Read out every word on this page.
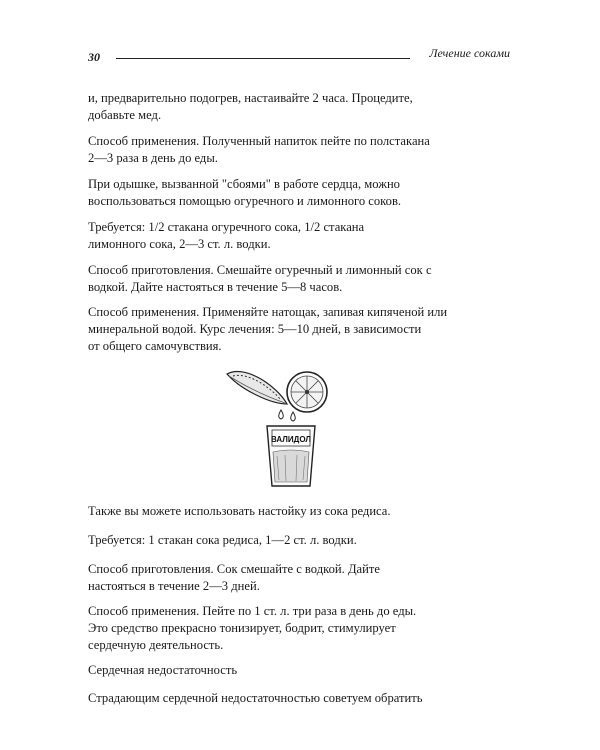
30	Лечение соками

и, предварительно подогрев, настаивайте 2 часа. Процедите,
добавьте мед.

Способ применения. Полученный напиток пейте по полстакана
2—3 раза в день до еды.

При одышке, вызванной "сбоями" в работе сердца, можно
воспользоваться помощью огуречного и лимонного соков.

Требуется: 1/2 стакана огуречного сока, 1/2 стакана
лимонного сока, 2—3 ст. л. водки.

Способ приготовления. Смешайте огуречный и лимонный сок с
водкой. Дайте настояться в течение 5—8 часов.

Способ применения. Применяйте натощак, запивая кипяченой или
минеральной водой. Курс лечения: 5—10 дней, в зависимости
от общего самочувствия.

ВАЛИДОЛ

Также вы можете использовать настойку из сока редиса.

Требуется: 1 стакан сока редиса, 1—2 ст. л. водки.

Способ приготовления. Сок смешайте с водкой. Дайте
настояться в течение 2—3 дней.

Способ применения. Пейте по 1 ст. л. три раза в день до еды.
Это средство прекрасно тонизирует, бодрит, стимулирует
сердечную деятельность.

Сердечная недостаточность

Страдающим сердечной недостаточностью советуем обратить
